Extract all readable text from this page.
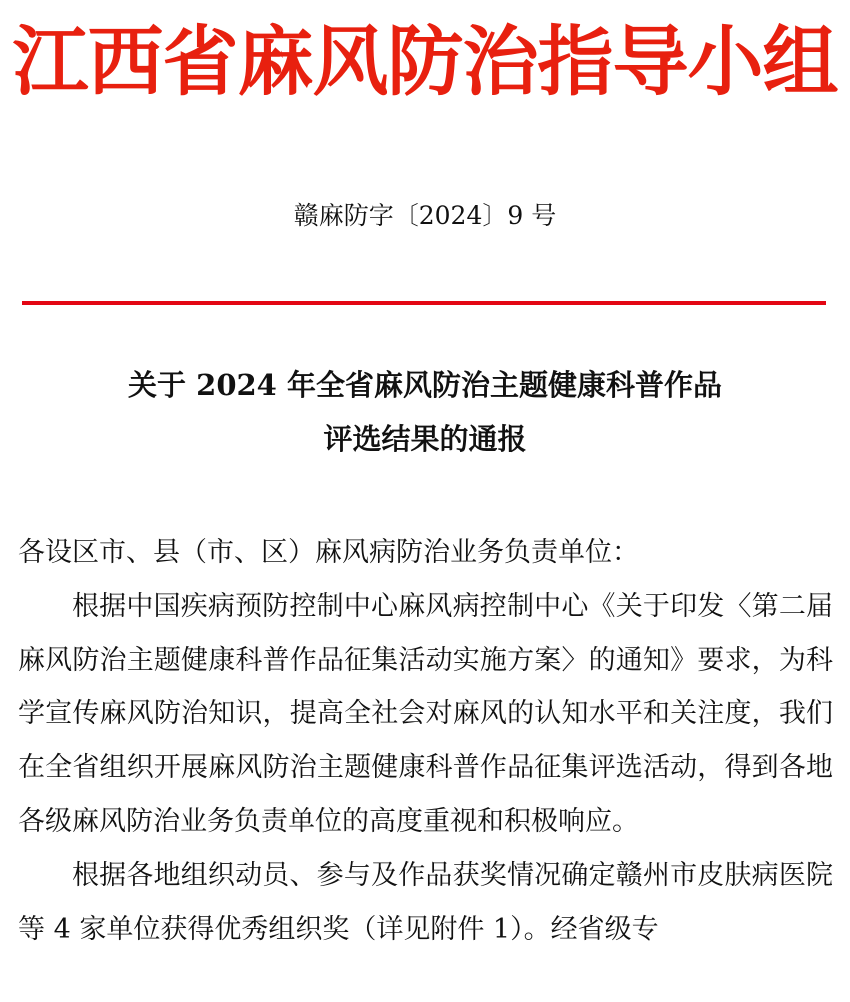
江西省麻风防治指导小组
赣麻防字〔2024〕9 号
关于 2024 年全省麻风防治主题健康科普作品
评选结果的通报

各设区市、县（市、区）麻风病防治业务负责单位：

根据中国疾病预防控制中心麻风病控制中心《关于印发〈第二届麻风防治主题健康科普作品征集活动实施方案〉的通知》要求，为科学宣传麻风防治知识，提高全社会对麻风的认知水平和关注度，我们在全省组织开展麻风防治主题健康科普作品征集评选活动，得到各地各级麻风防治业务负责单位的高度重视和积极响应。

根据各地组织动员、参与及作品获奖情况确定赣州市皮肤病医院等 4 家单位获得优秀组织奖（详见附件 1）。经省级专
